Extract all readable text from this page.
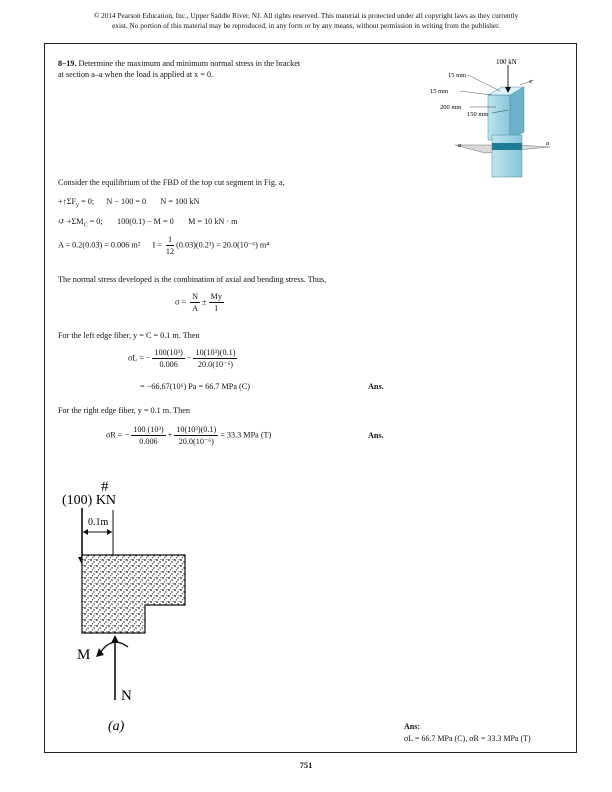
© 2014 Pearson Education, Inc., Upper Saddle River, NJ. All rights reserved. This material is protected under all copyright laws as they currently
exist. No portion of this material may be reproduced, in any form or by any means, without permission in writing from the publisher.
8–19. Determine the maximum and minimum normal stress in the bracket at section a–a when the load is applied at x = 0.
100 kN
15 mm
15 mm
200 mm
150 mm
x
a	a
Consider the equilibrium of the FBD of the top cut segment in Fig. a,
$+↑\Sigma F_y = 0$;      N − 100 = 0       N = 100 kN
↺ $+\Sigma M_C = 0$;       100(0.1) − M = 0       M = 10 kN · m
A = 0.2(0.03) = 0.006 m²      $I = \frac{1}{12} (0.03)(0.2^3) = 20.0(10^{-6})$ m⁴
The normal stress developed is the combination of axial and bending stress. Thus,
$\sigma = \frac{N}{A} \pm \frac{My}{I}$
For the left edge fiber, y = C = 0.1 m. Then
σL = − $\frac{\text{100(10³)}}{0.006} - \frac{\text{10(10³)(0.1)}}{\text{20.0(10⁻⁶)}}$
= −66.67(10⁶) Pa = 66.7 MPa (C)	Ans.
For the right edge fiber, y = 0.1 m. Then
σR = − $\frac{\text{100 (10³)}}{0.006} + \frac{\text{10(10³)(0.1)}}{\text{20.0(10⁻⁶)}} = 33.3$ MPa (T)	Ans.
#
(100) KN
0.1m
M
N
(a)	Ans:
σL = 66.7 MPa (C), σR = 33.3 MPa (T)
751
